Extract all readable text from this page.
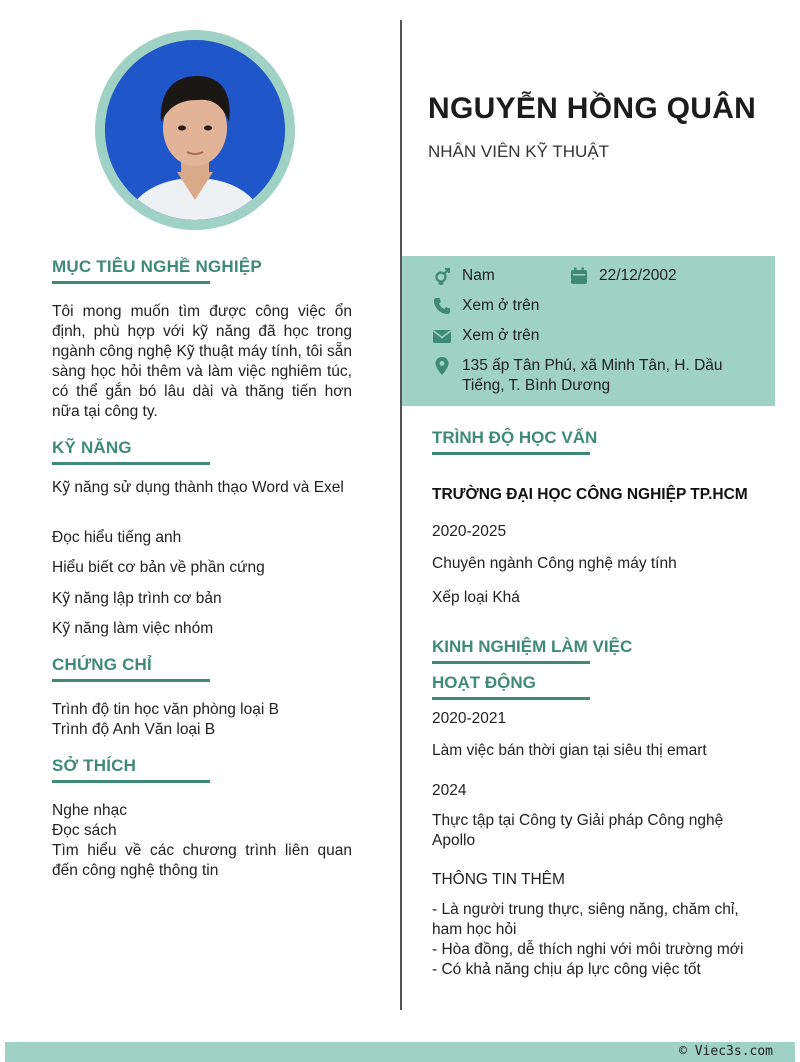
NGUYỄN HỒNG QUÂN
NHÂN VIÊN KỸ THUẬT
Nam	22/12/2002
Xem ở trên
Xem ở trên
135 ấp Tân Phú, xã Minh Tân, H. Dầu
Tiếng, T. Bình Dương
MỤC TIÊU NGHỀ NGHIỆP
Tôi mong muốn tìm được công việc ổn định, phù hợp với kỹ năng đã học trong ngành công nghệ Kỹ thuật máy tính, tôi sẵn sàng học hỏi thêm và làm việc nghiêm túc, có thể gắn bó lâu dài và thăng tiến hơn nữa tại công ty.
KỸ NĂNG
Kỹ năng sử dụng thành thạo Word và Exel
Đọc hiểu tiếng anh
Hiểu biết cơ bản về phần cứng
Kỹ năng lập trình cơ bản
Kỹ năng làm việc nhóm
CHỨNG CHỈ
Trình độ tin học văn phòng loại B
Trình độ Anh Văn loại B
SỞ THÍCH
Nghe nhạc
Đọc sách
Tìm hiểu về các chương trình liên quan đến công nghệ thông tin
TRÌNH ĐỘ HỌC VẤN
TRƯỜNG ĐẠI HỌC CÔNG NGHIỆP TP.HCM
2020-2025
Chuyên ngành Công nghệ máy tính
Xếp loại Khá
KINH NGHIỆM LÀM VIỆC
HOẠT ĐỘNG
2020-2021
Làm việc bán thời gian tại siêu thị emart
2024
Thực tập tại Công ty Giải pháp Công nghệ Apollo
THÔNG TIN THÊM
- Là người trung thực, siêng năng, chăm chỉ, ham học hỏi
- Hòa đồng, dễ thích nghi với môi trường mới
- Có khả năng chịu áp lực công việc tốt
© Viec3s.com
